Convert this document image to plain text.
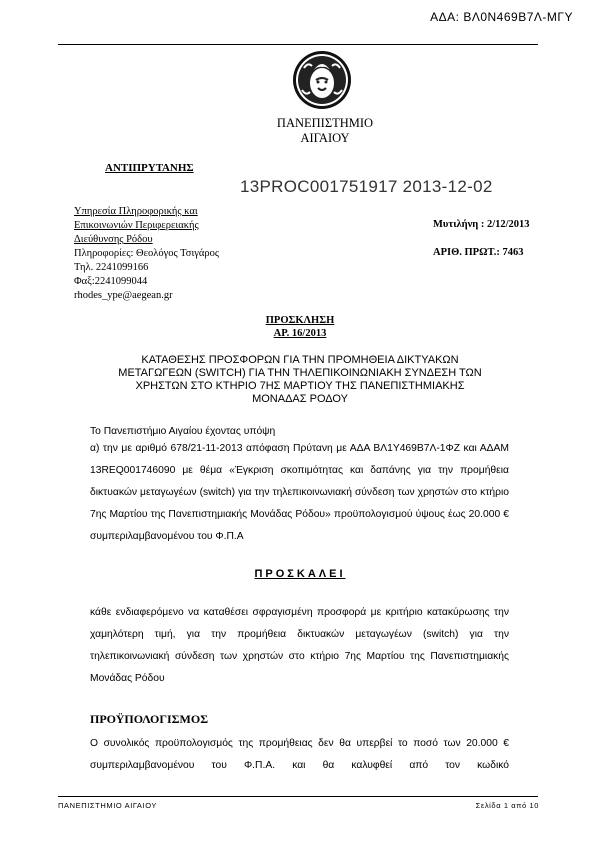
ΑΔΑ: ΒΛ0Ν469Β7Λ-ΜΓΥ
ΠΑΝΕΠΙΣΤΗΜΙΟ
ΑΙΓΑΙΟΥ
ΑΝΤΙΠΡΥΤΑΝΗΣ
13PROC001751917 2013-12-02
Υπηρεσία Πληροφορικής και
Επικοινωνιών Περιφερειακής
Διεύθυνσης Ρόδου
Πληροφορίες: Θεολόγος Τσιγάρος
Τηλ. 2241099166
Φαξ:2241099044
rhodes_ype@aegean.gr
Μυτιλήνη : 2/12/2013
ΑΡΙΘ. ΠΡΩΤ.: 7463
ΠΡΟΣΚΛΗΣΗ
ΑΡ. 16/2013
ΚΑΤΑΘΕΣΗΣ ΠΡΟΣΦΟΡΩΝ ΓΙΑ ΤΗΝ ΠΡΟΜΗΘΕΙΑ ΔΙΚΤΥΑΚΩΝ
ΜΕΤΑΓΩΓΕΩΝ (SWITCH) ΓΙΑ ΤΗΝ ΤΗΛΕΠΙΚΟΙΝΩΝΙΑΚΗ ΣΥΝΔΕΣΗ ΤΩΝ
ΧΡΗΣΤΩΝ ΣΤΟ ΚΤΗΡΙΟ 7ΗΣ ΜΑΡΤΙΟΥ ΤΗΣ ΠΑΝΕΠΙΣΤΗΜΙΑΚΗΣ
ΜΟΝΑΔΑΣ ΡΟΔΟΥ
Το Πανεπιστήμιο Αιγαίου έχοντας υπόψη
α) την με αριθμό 678/21-11-2013 απόφαση Πρύτανη με ΑΔΑ ΒΛ1Υ469Β7Λ-1ΦΖ και ΑΔΑΜ 13REQ001746090 με θέμα «Έγκριση σκοπιμότητας και δαπάνης για την προμήθεια δικτυακών μεταγωγέων (switch) για την τηλεπικοινωνιακή σύνδεση των χρηστών στο κτήριο 7ης Μαρτίου της Πανεπιστημιακής Μονάδας Ρόδου» προϋπολογισμού ύψους έως 20.000 € συμπεριλαμβανομένου του Φ.Π.Α
ΠΡΟΣΚΑΛΕΙ
κάθε ενδιαφερόμενο να καταθέσει σφραγισμένη προσφορά με κριτήριο κατακύρωσης την χαμηλότερη τιμή, για την προμήθεια δικτυακών μεταγωγέων (switch) για την τηλεπικοινωνιακή σύνδεση των χρηστών στο κτήριο 7ης Μαρτίου της Πανεπιστημιακής Μονάδας Ρόδου
ΠΡΟΫΠΟΛΟΓΙΣΜΟΣ
Ο συνολικός προϋπολογισμός της προμήθειας δεν θα υπερβεί το ποσό των 20.000 € συμπεριλαμβανομένου του Φ.Π.Α. και θα καλυφθεί από τον κωδικό
ΠΑΝΕΠΙΣΤΗΜΙΟ ΑΙΓΑΙΟΥ	Σελίδα 1 από 10
